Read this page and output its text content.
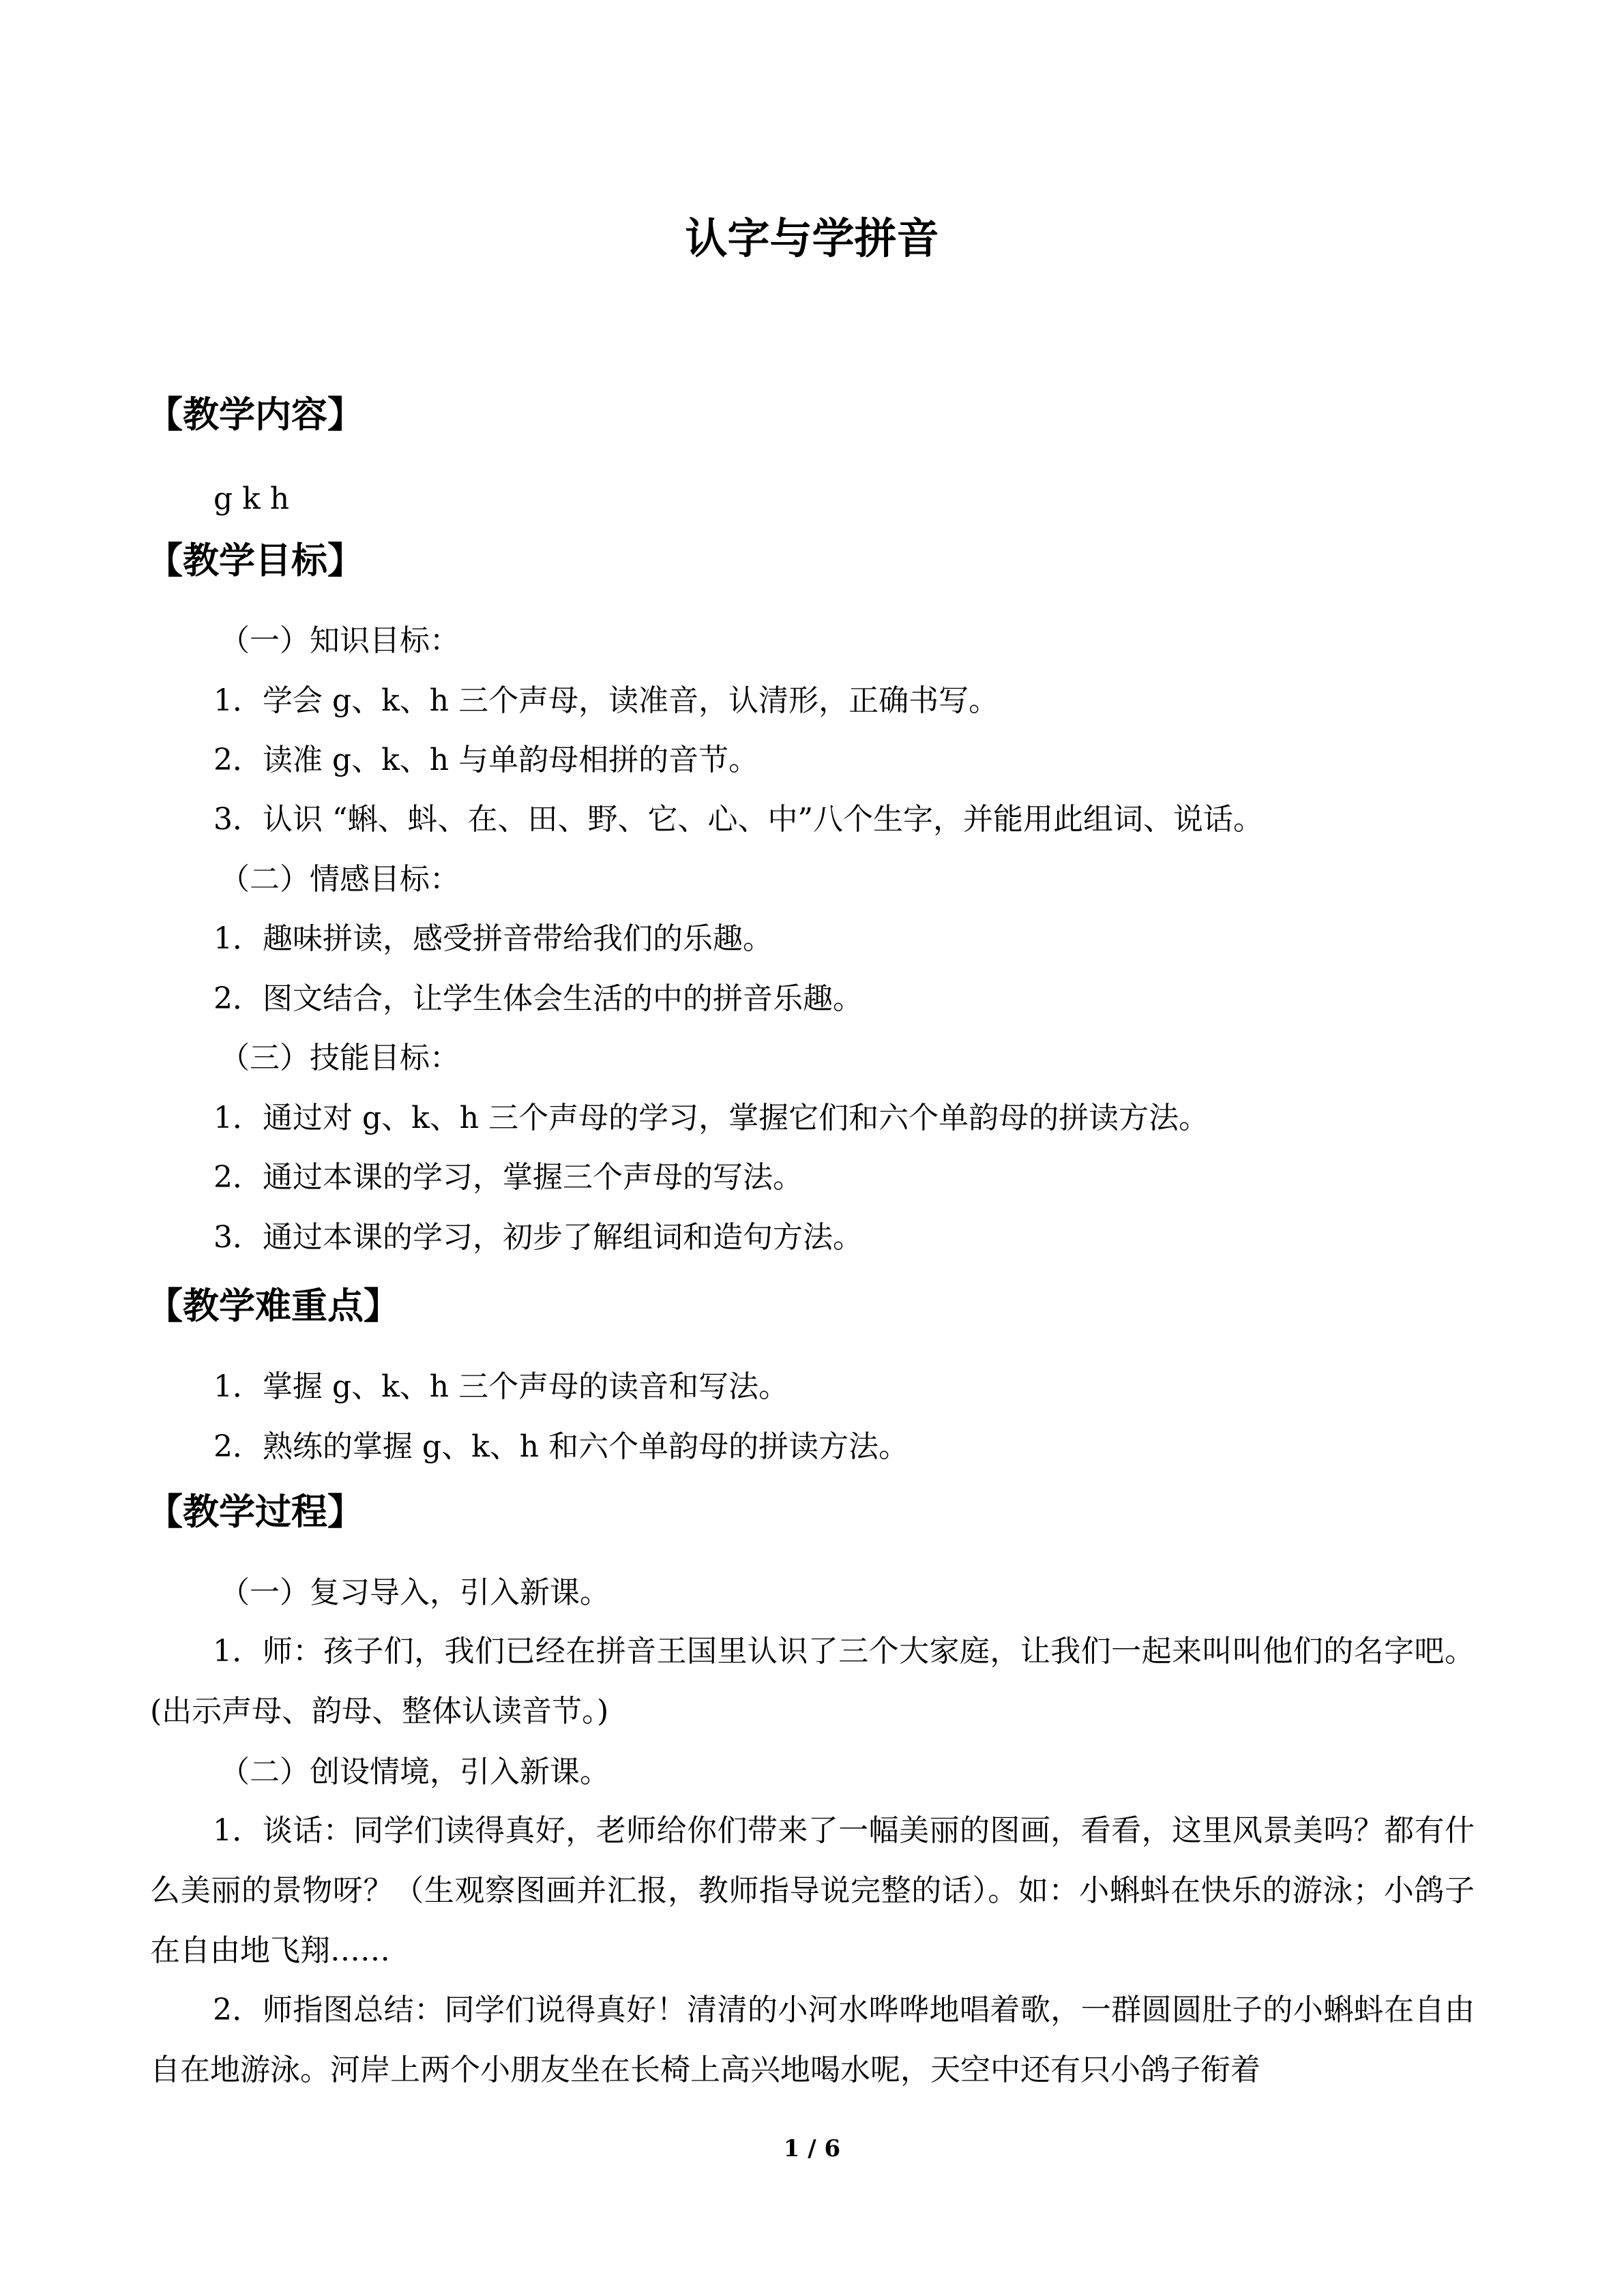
认字与学拼音
【教学内容】
g k h
【教学目标】
（一）知识目标：
1．学会 g、k、h 三个声母，读准音，认清形，正确书写。
2．读准 g、k、h 与单韵母相拼的音节。
3．认识 “蝌、蚪、在、田、野、它、心、中”八个生字，并能用此组词、说话。
（二）情感目标：
1．趣味拼读，感受拼音带给我们的乐趣。
2．图文结合，让学生体会生活的中的拼音乐趣。
（三）技能目标：
1．通过对 g、k、h 三个声母的学习，掌握它们和六个单韵母的拼读方法。
2．通过本课的学习，掌握三个声母的写法。
3．通过本课的学习，初步了解组词和造句方法。
【教学难重点】
1．掌握 g、k、h 三个声母的读音和写法。
2．熟练的掌握 g、k、h 和六个单韵母的拼读方法。
【教学过程】
（一）复习导入，引入新课。
1．师：孩子们，我们已经在拼音王国里认识了三个大家庭，让我们一起来叫叫他们的名字吧。(出示声母、韵母、整体认读音节。)
（二）创设情境，引入新课。
1．谈话：同学们读得真好，老师给你们带来了一幅美丽的图画，看看，这里风景美吗？都有什么美丽的景物呀？（生观察图画并汇报，教师指导说完整的话）。如：小蝌蚪在快乐的游泳；小鸽子在自由地飞翔……
2．师指图总结：同学们说得真好！清清的小河水哗哗地唱着歌，一群圆圆肚子的小蝌蚪在自由自在地游泳。河岸上两个小朋友坐在长椅上高兴地喝水呢，天空中还有只小鸽子衔着
1 / 6
